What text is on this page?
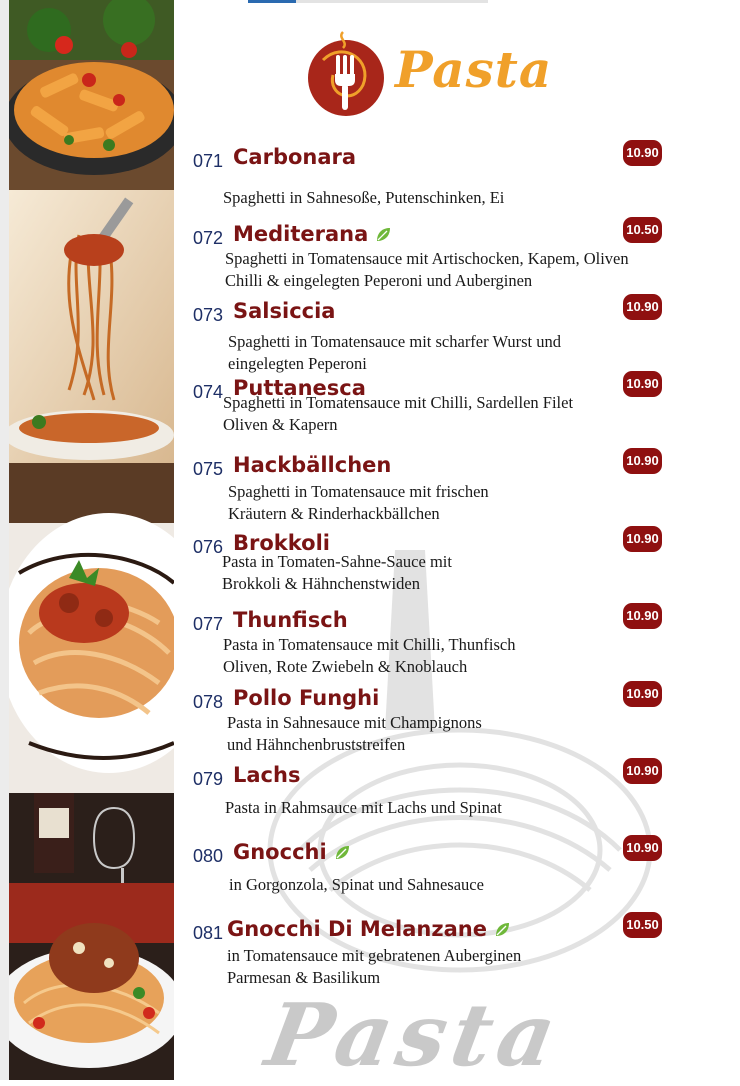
Pasta
071 Carbonara	10.90
Spaghetti in Sahnesoße, Putenschinken, Ei
072 Mediterana	10.50
Spaghetti in Tomatensauce mit Artischocken, Kapem, Oliven
Chilli & eingelegten Peperoni und Auberginen
073 Salsiccia	10.90
Spaghetti in Tomatensauce mit scharfer Wurst und
eingelegten Peperoni
074 Puttanesca	10.90
Spaghetti in Tomatensauce mit Chilli, Sardellen Filet
Oliven & Kapern
075 Hackbällchen	10.90
Spaghetti in Tomatensauce mit frischen
Kräutern & Rinderhackbällchen
076 Brokkoli	10.90
Pasta in Tomaten-Sahne-Sauce mit
Brokkoli & Hähnchenstwiden
077 Thunfisch	10.90
Pasta in Tomatensauce mit Chilli, Thunfisch
Oliven, Rote Zwiebeln & Knoblauch
078 Pollo Funghi	10.90
Pasta in Sahnesauce mit Champignons
und Hähnchenbruststreifen
079 Lachs	10.90
Pasta in Rahmsauce mit Lachs und Spinat
080 Gnocchi	10.90
in Gorgonzola, Spinat und Sahnesauce
081 Gnocchi Di Melanzane	10.50
in Tomatensauce mit gebratenen Auberginen
Parmesan & Basilikum
Pasta
